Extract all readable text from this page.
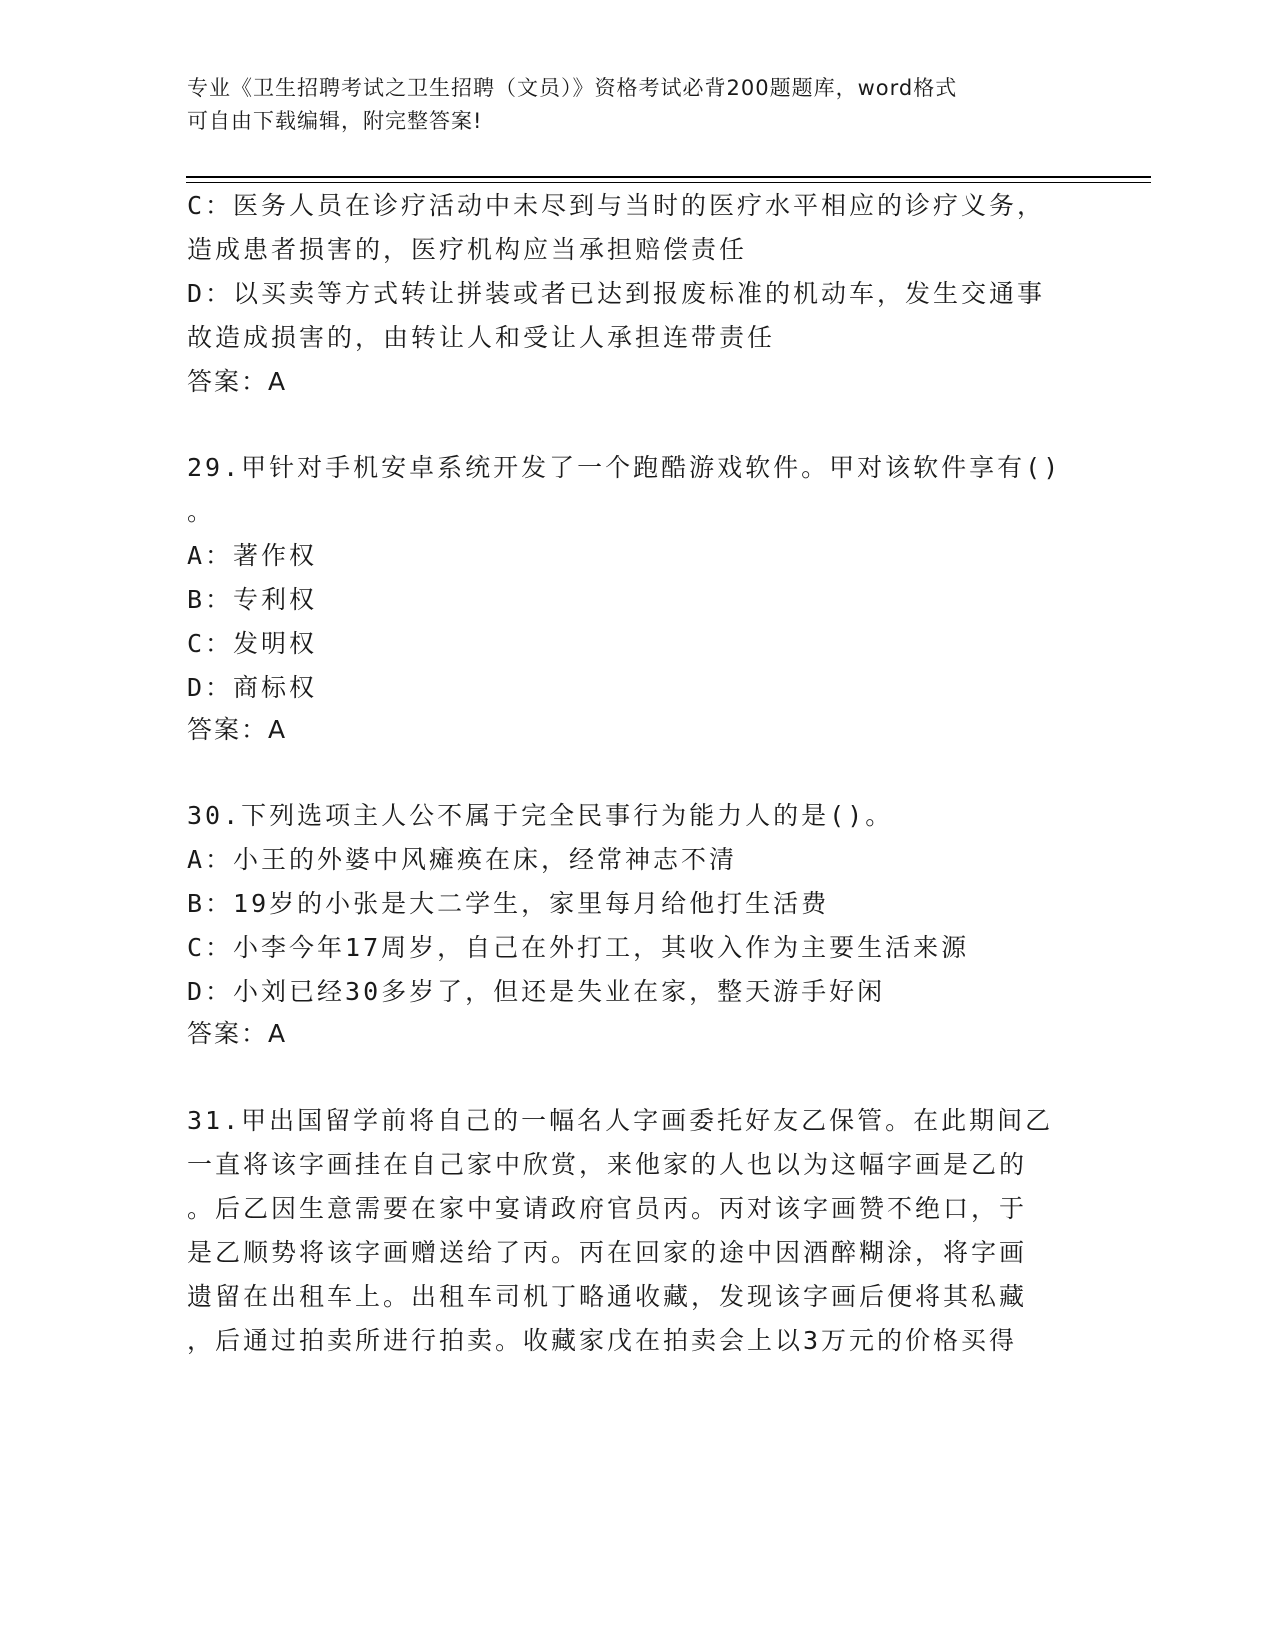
专业《卫生招聘考试之卫生招聘（文员）》资格考试必背200题题库，word格式
可自由下载编辑，附完整答案!
C：医务人员在诊疗活动中未尽到与当时的医疗水平相应的诊疗义务，
造成患者损害的，医疗机构应当承担赔偿责任
D：以买卖等方式转让拼装或者已达到报废标准的机动车，发生交通事
故造成损害的，由转让人和受让人承担连带责任
答案：A
29.甲针对手机安卓系统开发了一个跑酷游戏软件。甲对该软件享有()
。
A：著作权
B：专利权
C：发明权
D：商标权
答案：A
30.下列选项主人公不属于完全民事行为能力人的是()。
A：小王的外婆中风瘫痪在床，经常神志不清
B：19岁的小张是大二学生，家里每月给他打生活费
C：小李今年17周岁，自己在外打工，其收入作为主要生活来源
D：小刘已经30多岁了，但还是失业在家，整天游手好闲
答案：A
31.甲出国留学前将自己的一幅名人字画委托好友乙保管。在此期间乙
一直将该字画挂在自己家中欣赏，来他家的人也以为这幅字画是乙的
。后乙因生意需要在家中宴请政府官员丙。丙对该字画赞不绝口，于
是乙顺势将该字画赠送给了丙。丙在回家的途中因酒醉糊涂，将字画
遗留在出租车上。出租车司机丁略通收藏，发现该字画后便将其私藏
，后通过拍卖所进行拍卖。收藏家戊在拍卖会上以3万元的价格买得
